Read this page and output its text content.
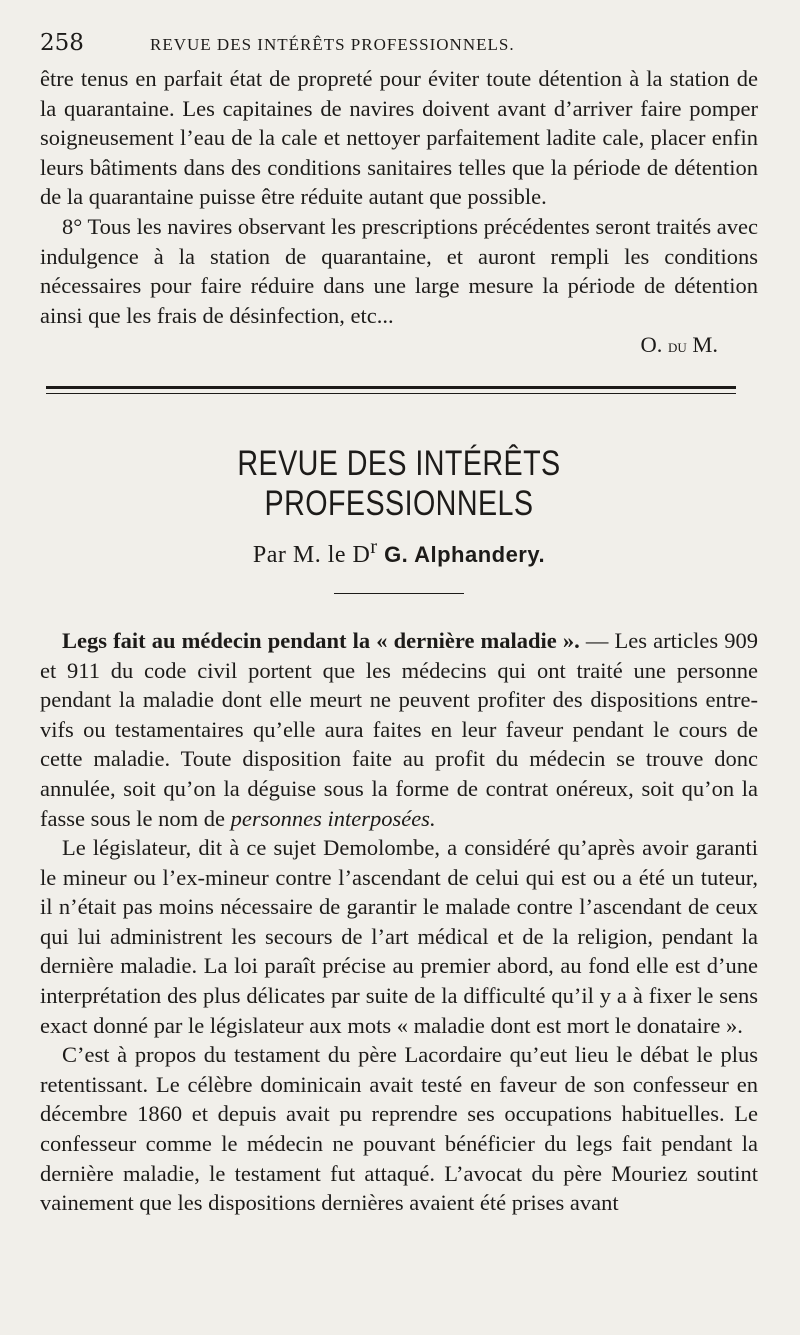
258	REVUE DES INTÉRÊTS PROFESSIONNELS.

être tenus en parfait état de propreté pour éviter toute détention à la station de la quarantaine. Les capitaines de navires doivent avant d’arriver faire pomper soigneusement l’eau de la cale et nettoyer parfaitement ladite cale, placer enfin leurs bâtiments dans des conditions sanitaires telles que la période de détention de la quarantaine puisse être réduite autant que possible.

8° Tous les navires observant les prescriptions précédentes seront traités avec indulgence à la station de quarantaine, et auront rempli les conditions nécessaires pour faire réduire dans une large mesure la période de détention ainsi que les frais de désinfection, etc...

O. du M.
REVUE DES INTÉRÊTS PROFESSIONNELS
Par M. le $D^r$ G. Alphandery.

Legs fait au médecin pendant la « dernière maladie ». — Les articles 909 et 911 du code civil portent que les médecins qui ont traité une personne pendant la maladie dont elle meurt ne peuvent profiter des dispositions entre-vifs ou testamentaires qu’elle aura faites en leur faveur pendant le cours de cette maladie. Toute disposition faite au profit du médecin se trouve donc annulée, soit qu’on la déguise sous la forme de contrat onéreux, soit qu’on la fasse sous le nom de personnes interposées.

Le législateur, dit à ce sujet Demolombe, a considéré qu’après avoir garanti le mineur ou l’ex-mineur contre l’ascendant de celui qui est ou a été un tuteur, il n’était pas moins nécessaire de garantir le malade contre l’ascendant de ceux qui lui administrent les secours de l’art médical et de la religion, pendant la dernière maladie. La loi paraît précise au premier abord, au fond elle est d’une interprétation des plus délicates par suite de la difficulté qu’il y a à fixer le sens exact donné par le législateur aux mots « maladie dont est mort le donataire ».

C’est à propos du testament du père Lacordaire qu’eut lieu le débat le plus retentissant. Le célèbre dominicain avait testé en faveur de son confesseur en décembre 1860 et depuis avait pu reprendre ses occupations habituelles. Le confesseur comme le médecin ne pouvant bénéficier du legs fait pendant la dernière maladie, le testament fut attaqué. L’avocat du père Mouriez soutint vainement que les dispositions dernières avaient été prises avant
